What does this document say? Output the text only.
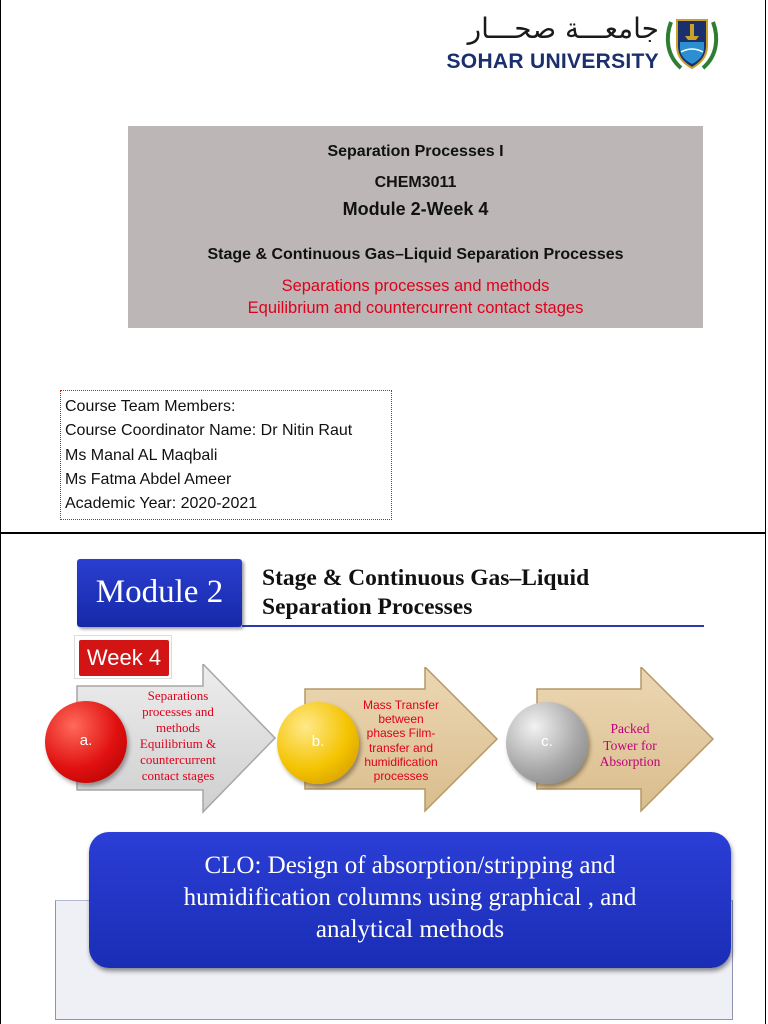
جامعـــة صحـــار
SOHAR UNIVERSITY
Separation Processes I
CHEM3011
Module 2-Week 4
Stage & Continuous Gas–Liquid Separation Processes
Separations processes and methods
Equilibrium and countercurrent contact stages
Course Team Members:
Course Coordinator Name: Dr Nitin Raut
Ms Manal AL Maqbali
Ms Fatma Abdel Ameer
Academic Year: 2020-2021
Module 2	Stage & Continuous Gas–Liquid
Separation Processes
Week 4
Separations
processes and
methods
Equilibrium &
countercurrent
contact stages
a.
Mass Transfer
between
phases Film-
transfer and
humidification
processes
b.
Packed
Tower for
Absorption
c.
CLO: Design of absorption/stripping and
humidification columns using graphical , and
analytical methods
